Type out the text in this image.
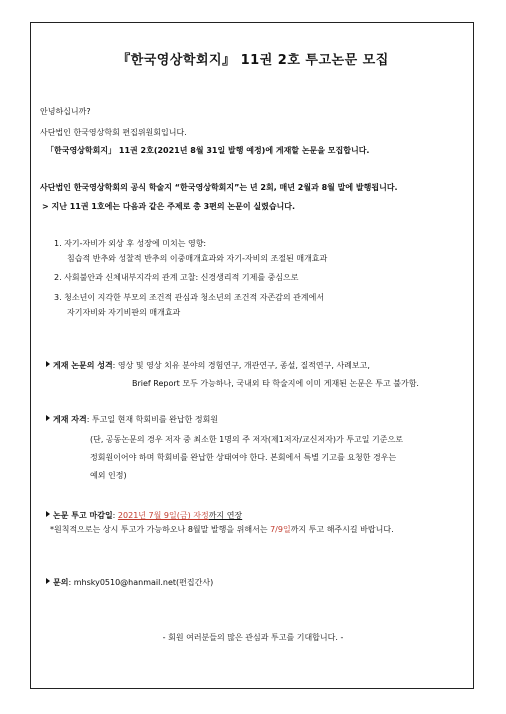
『한국영상학회지』 11권 2호 투고논문 모집
안녕하십니까?
사단법인 한국영상학회 편집위원회입니다.
「한국영상학회지」 11권 2호(2021년 8월 31일 발행 예정)에 게재할 논문을 모집합니다.
사단법인 한국영상학회의 공식 학술지 “한국영상학회지”는 년 2회, 매년 2월과 8월 말에 발행됩니다.
> 지난 11권 1호에는 다음과 같은 주제로 총 3편의 논문이 실렸습니다.
1. 자기-자비가 외상 후 성장에 미치는 영향:
침습적 반추와 성찰적 반추의 이중매개효과와 자기-자비의 조절된 매개효과
2. 사회불안과 신체내부지각의 관계 고찰: 신경생리적 기제를 중심으로
3. 청소년이 지각한 부모의 조건적 관심과 청소년의 조건적 자존감의 관계에서
자기자비와 자기비판의 매개효과
게재 논문의 성격: 영상 및 영상 치유 분야의 경험연구, 개관연구, 종설, 질적연구, 사례보고,
Brief Report 모두 가능하나, 국내외 타 학술지에 이미 게재된 논문은 투고 불가함.
게재 자격: 투고일 현재 학회비를 완납한 정회원
(단, 공동논문의 경우 저자 중 최소한 1명의 주 저자(제1저자/교신저자)가 투고일 기준으로
정회원이어야 하며 학회비를 완납한 상태여야 한다. 본회에서 특별 기고를 요청한 경우는
예외 인정)
논문 투고 마감일: 2021년 7월 9일(금) 자정까지 연장
*원칙적으로는 상시 투고가 가능하오나 8월말 발행을 위해서는 7/9일까지 투고 해주시길 바랍니다.
문의: mhsky0510@hanmail.net(편집간사)
- 회원 여러분들의 많은 관심과 투고를 기대합니다. -
